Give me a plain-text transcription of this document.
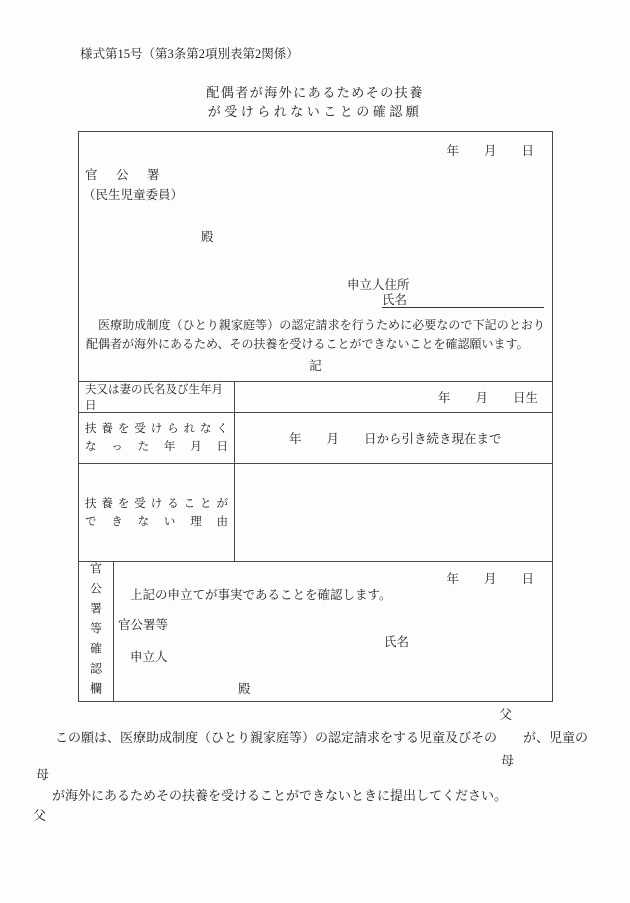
様式第15号（第3条第2項別表第2関係）
配偶者が海外にあるためその扶養
が受けられないことの確認願
年　　月　　日
官　公　署
（民生児童委員）
殿
申立人住所
氏名
　医療助成制度（ひとり親家庭等）の認定請求を行うために必要なので下記のとおり配偶者が海外にあるため、その扶養を受けることができないことを確認願います。
記
夫又は妻の氏名及び生年月日
年　　月　　日生
扶養を受けられなく
なった年月日
年　　月　　日から引き続き現在まで
扶養を受けることが
できない理由
官公署等確認欄	年　　月　　日
上記の申立てが事実であることを確認します。
官公署等
氏名
申立人
殿
父
この願は、医療助成制度（ひとり親家庭等）の認定請求をする児童及びその　　が、児童の
母
母
が海外にあるためその扶養を受けることができないときに提出してください。
父
